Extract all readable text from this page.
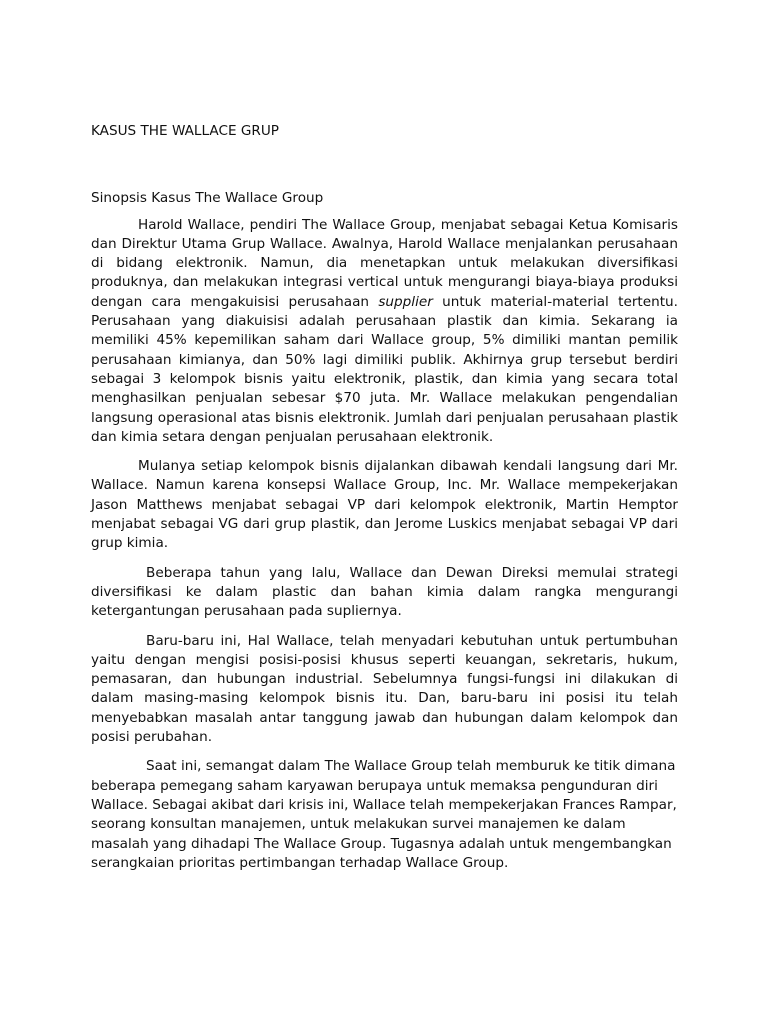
KASUS THE WALLACE GRUP
Sinopsis Kasus The Wallace Group

Harold Wallace, pendiri The Wallace Group, menjabat sebagai Ketua Komisaris dan Direktur Utama Grup Wallace. Awalnya, Harold Wallace menjalankan perusahaan di bidang elektronik. Namun, dia menetapkan untuk melakukan diversifikasi produknya, dan melakukan integrasi vertical untuk mengurangi biaya-biaya produksi dengan cara mengakuisisi perusahaan supplier untuk material-material tertentu. Perusahaan yang diakuisisi adalah perusahaan plastik dan kimia. Sekarang ia memiliki 45% kepemilikan saham dari Wallace group, 5% dimiliki mantan pemilik perusahaan kimianya, dan 50% lagi dimiliki publik. Akhirnya grup tersebut berdiri sebagai 3 kelompok bisnis yaitu elektronik, plastik, dan kimia yang secara total menghasilkan penjualan sebesar $70 juta. Mr. Wallace melakukan pengendalian langsung operasional atas bisnis elektronik. Jumlah dari penjualan perusahaan plastik dan kimia setara dengan penjualan perusahaan elektronik.

Mulanya setiap kelompok bisnis dijalankan dibawah kendali langsung dari Mr. Wallace. Namun karena konsepsi Wallace Group, Inc. Mr. Wallace mempekerjakan Jason Matthews menjabat sebagai VP dari kelompok elektronik, Martin Hemptor menjabat sebagai VG dari grup plastik, dan Jerome Luskics menjabat sebagai VP dari grup kimia.

Beberapa tahun yang lalu, Wallace dan Dewan Direksi memulai strategi diversifikasi ke dalam plastic dan bahan kimia dalam rangka mengurangi ketergantungan perusahaan pada supliernya.

Baru-baru ini, Hal Wallace, telah menyadari kebutuhan untuk pertumbuhan yaitu dengan mengisi posisi-posisi khusus seperti keuangan, sekretaris, hukum, pemasaran, dan hubungan industrial. Sebelumnya fungsi-fungsi ini dilakukan di dalam masing-masing kelompok bisnis itu. Dan, baru-baru ini posisi itu telah menyebabkan masalah antar tanggung jawab dan hubungan dalam kelompok dan posisi perubahan.

Saat ini, semangat dalam The Wallace Group telah memburuk ke titik dimana beberapa pemegang saham karyawan berupaya untuk memaksa pengunduran diri Wallace. Sebagai akibat dari krisis ini, Wallace telah mempekerjakan Frances Rampar, seorang konsultan manajemen, untuk melakukan survei manajemen ke dalam masalah yang dihadapi The Wallace Group. Tugasnya adalah untuk mengembangkan serangkaian prioritas pertimbangan terhadap Wallace Group.
